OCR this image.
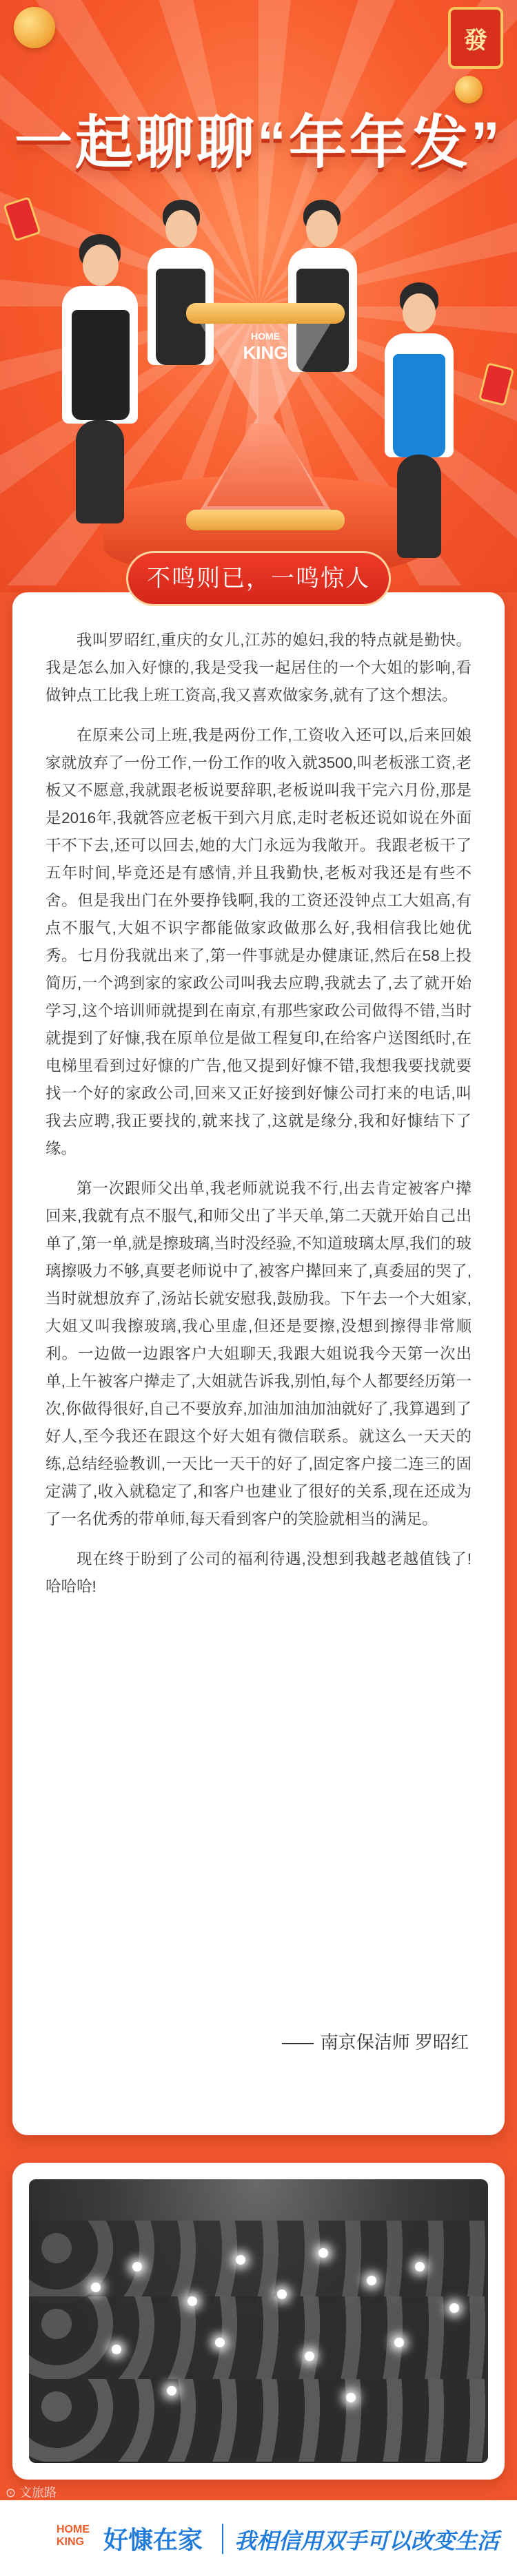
發
一起聊聊“年年发”
HOME
KING
不鸣则已，一鸣惊人

我叫罗昭红,重庆的女儿,江苏的媳妇,我的特点就是勤快。我是怎么加入好慷的,我是受我一起居住的一个大姐的影响,看做钟点工比我上班工资高,我又喜欢做家务,就有了这个想法。

在原来公司上班,我是两份工作,工资收入还可以,后来回娘家就放弃了一份工作,一份工作的收入就3500,叫老板涨工资,老板又不愿意,我就跟老板说要辞职,老板说叫我干完六月份,那是是2016年,我就答应老板干到六月底,走时老板还说如说在外面干不下去,还可以回去,她的大门永远为我敞开。我跟老板干了五年时间,毕竟还是有感情,并且我勤快,老板对我还是有些不舍。但是我出门在外要挣钱啊,我的工资还没钟点工大姐高,有点不服气,大姐不识字都能做家政做那么好,我相信我比她优秀。七月份我就出来了,第一件事就是办健康证,然后在58上投简历,一个鸿到家的家政公司叫我去应聘,我就去了,去了就开始学习,这个培训师就提到在南京,有那些家政公司做得不错,当时就提到了好慷,我在原单位是做工程复印,在给客户送图纸时,在电梯里看到过好慷的广告,他又提到好慷不错,我想我要找就要找一个好的家政公司,回来又正好接到好慷公司打来的电话,叫我去应聘,我正要找的,就来找了,这就是缘分,我和好慷结下了缘。

第一次跟师父出单,我老师就说我不行,出去肯定被客户撵回来,我就有点不服气,和师父出了半天单,第二天就开始自己出单了,第一单,就是擦玻璃,当时没经验,不知道玻璃太厚,我们的玻璃擦吸力不够,真要老师说中了,被客户撵回来了,真委屈的哭了,当时就想放弃了,汤站长就安慰我,鼓励我。下午去一个大姐家,大姐又叫我擦玻璃,我心里虚,但还是要擦,没想到擦得非常顺利。一边做一边跟客户大姐聊天,我跟大姐说我今天第一次出单,上午被客户撵走了,大姐就告诉我,别怕,每个人都要经历第一次,你做得很好,自己不要放弃,加油加油加油就好了,我算遇到了好人,至今我还在跟这个好大姐有微信联系。就这么一天天的练,总结经验教训,一天比一天干的好了,固定客户接二连三的固定满了,收入就稳定了,和客户也建业了很好的关系,现在还成为了一名优秀的带单师,每天看到客户的笑脸就相当的满足。

现在终于盼到了公司的福利待遇,没想到我越老越值钱了!哈哈哈!

南京保洁师 罗昭红
⊙ 文旅路
HOME
KING 好慷在家 我相信用双手可以改变生活
